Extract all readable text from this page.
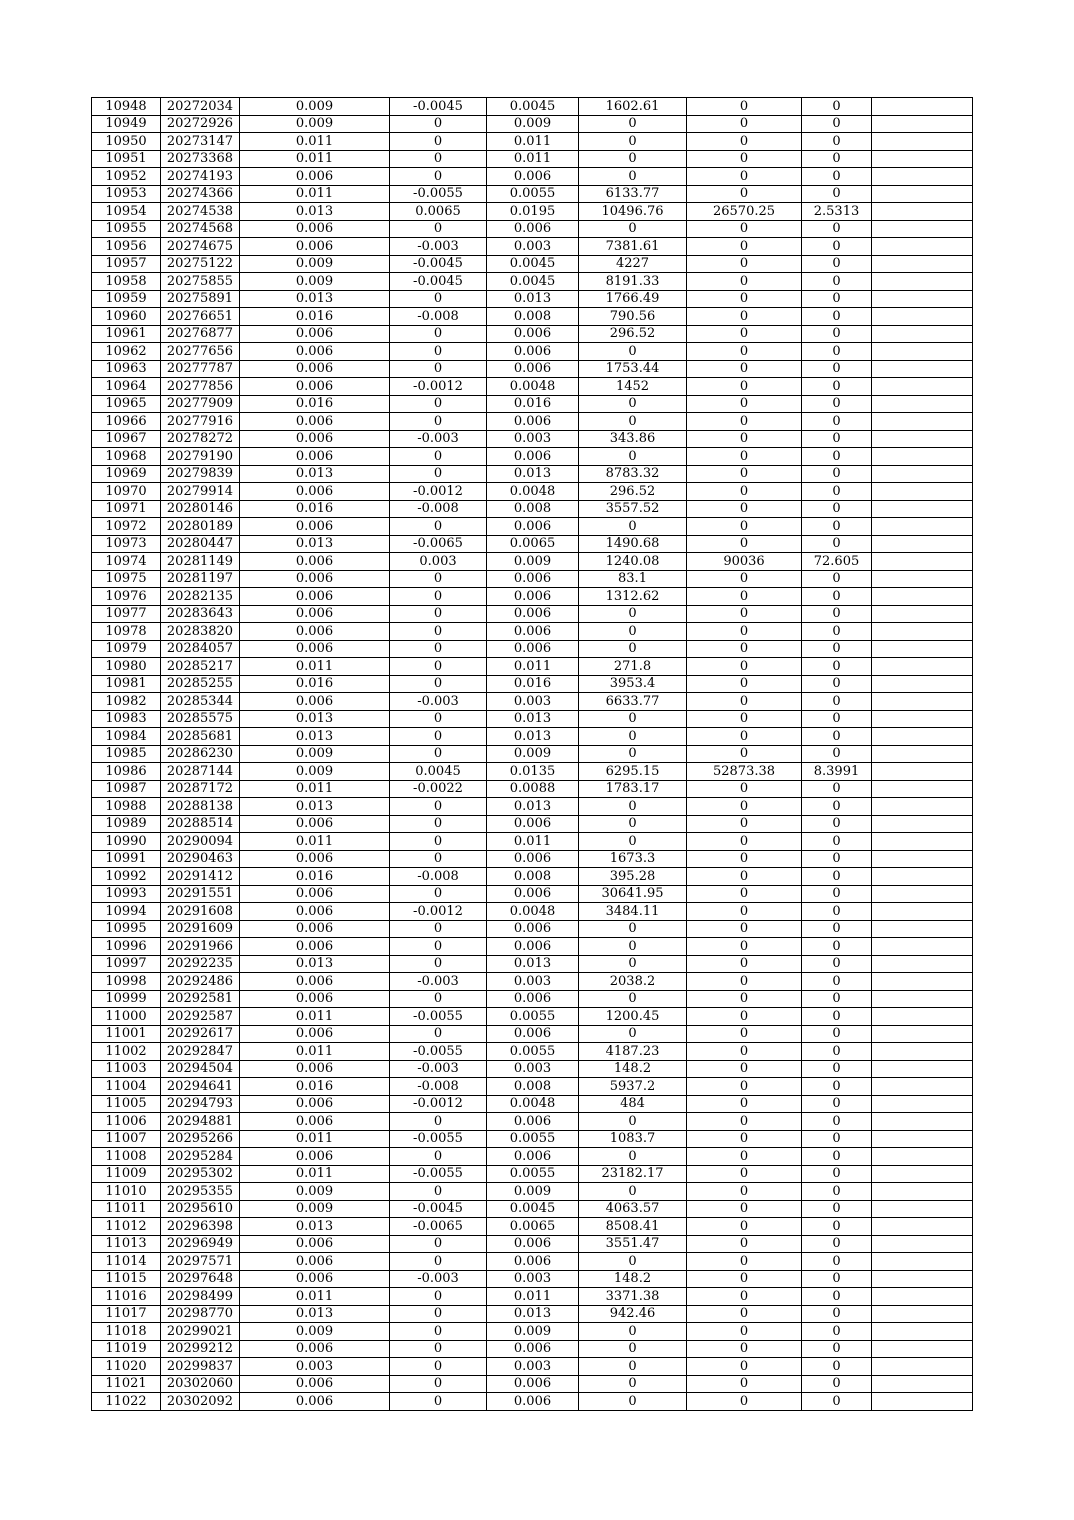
10948	20272034	0.009	-0.0045	0.0045	1602.61	0	0	
10949	20272926	0.009	0	0.009	0	0	0	
10950	20273147	0.011	0	0.011	0	0	0	
10951	20273368	0.011	0	0.011	0	0	0	
10952	20274193	0.006	0	0.006	0	0	0	
10953	20274366	0.011	-0.0055	0.0055	6133.77	0	0	
10954	20274538	0.013	0.0065	0.0195	10496.76	26570.25	2.5313	
10955	20274568	0.006	0	0.006	0	0	0	
10956	20274675	0.006	-0.003	0.003	7381.61	0	0	
10957	20275122	0.009	-0.0045	0.0045	4227	0	0	
10958	20275855	0.009	-0.0045	0.0045	8191.33	0	0	
10959	20275891	0.013	0	0.013	1766.49	0	0	
10960	20276651	0.016	-0.008	0.008	790.56	0	0	
10961	20276877	0.006	0	0.006	296.52	0	0	
10962	20277656	0.006	0	0.006	0	0	0	
10963	20277787	0.006	0	0.006	1753.44	0	0	
10964	20277856	0.006	-0.0012	0.0048	1452	0	0	
10965	20277909	0.016	0	0.016	0	0	0	
10966	20277916	0.006	0	0.006	0	0	0	
10967	20278272	0.006	-0.003	0.003	343.86	0	0	
10968	20279190	0.006	0	0.006	0	0	0	
10969	20279839	0.013	0	0.013	8783.32	0	0	
10970	20279914	0.006	-0.0012	0.0048	296.52	0	0	
10971	20280146	0.016	-0.008	0.008	3557.52	0	0	
10972	20280189	0.006	0	0.006	0	0	0	
10973	20280447	0.013	-0.0065	0.0065	1490.68	0	0	
10974	20281149	0.006	0.003	0.009	1240.08	90036	72.605	
10975	20281197	0.006	0	0.006	83.1	0	0	
10976	20282135	0.006	0	0.006	1312.62	0	0	
10977	20283643	0.006	0	0.006	0	0	0	
10978	20283820	0.006	0	0.006	0	0	0	
10979	20284057	0.006	0	0.006	0	0	0	
10980	20285217	0.011	0	0.011	271.8	0	0	
10981	20285255	0.016	0	0.016	3953.4	0	0	
10982	20285344	0.006	-0.003	0.003	6633.77	0	0	
10983	20285575	0.013	0	0.013	0	0	0	
10984	20285681	0.013	0	0.013	0	0	0	
10985	20286230	0.009	0	0.009	0	0	0	
10986	20287144	0.009	0.0045	0.0135	6295.15	52873.38	8.3991	
10987	20287172	0.011	-0.0022	0.0088	1783.17	0	0	
10988	20288138	0.013	0	0.013	0	0	0	
10989	20288514	0.006	0	0.006	0	0	0	
10990	20290094	0.011	0	0.011	0	0	0	
10991	20290463	0.006	0	0.006	1673.3	0	0	
10992	20291412	0.016	-0.008	0.008	395.28	0	0	
10993	20291551	0.006	0	0.006	30641.95	0	0	
10994	20291608	0.006	-0.0012	0.0048	3484.11	0	0	
10995	20291609	0.006	0	0.006	0	0	0	
10996	20291966	0.006	0	0.006	0	0	0	
10997	20292235	0.013	0	0.013	0	0	0	
10998	20292486	0.006	-0.003	0.003	2038.2	0	0	
10999	20292581	0.006	0	0.006	0	0	0	
11000	20292587	0.011	-0.0055	0.0055	1200.45	0	0	
11001	20292617	0.006	0	0.006	0	0	0	
11002	20292847	0.011	-0.0055	0.0055	4187.23	0	0	
11003	20294504	0.006	-0.003	0.003	148.2	0	0	
11004	20294641	0.016	-0.008	0.008	5937.2	0	0	
11005	20294793	0.006	-0.0012	0.0048	484	0	0	
11006	20294881	0.006	0	0.006	0	0	0	
11007	20295266	0.011	-0.0055	0.0055	1083.7	0	0	
11008	20295284	0.006	0	0.006	0	0	0	
11009	20295302	0.011	-0.0055	0.0055	23182.17	0	0	
11010	20295355	0.009	0	0.009	0	0	0	
11011	20295610	0.009	-0.0045	0.0045	4063.57	0	0	
11012	20296398	0.013	-0.0065	0.0065	8508.41	0	0	
11013	20296949	0.006	0	0.006	3551.47	0	0	
11014	20297571	0.006	0	0.006	0	0	0	
11015	20297648	0.006	-0.003	0.003	148.2	0	0	
11016	20298499	0.011	0	0.011	3371.38	0	0	
11017	20298770	0.013	0	0.013	942.46	0	0	
11018	20299021	0.009	0	0.009	0	0	0	
11019	20299212	0.006	0	0.006	0	0	0	
11020	20299837	0.003	0	0.003	0	0	0	
11021	20302060	0.006	0	0.006	0	0	0	
11022	20302092	0.006	0	0.006	0	0	0	
